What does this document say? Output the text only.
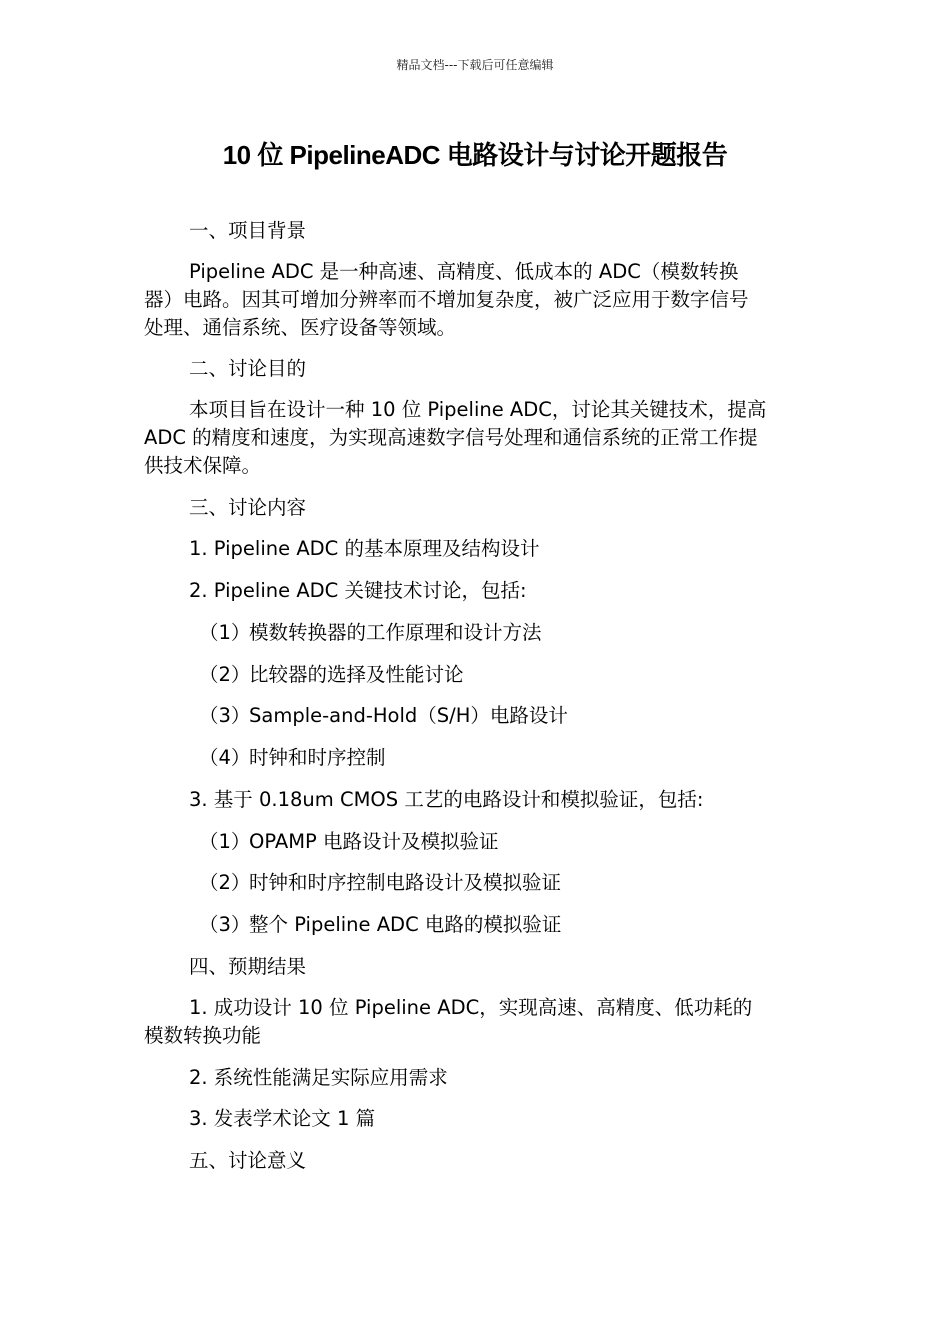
精品文档---下载后可任意编辑
10 位 PipelineADC 电路设计与讨论开题报告
一、项目背景
Pipeline ADC 是一种高速、高精度、低成本的 ADC（模数转换
器）电路。因其可增加分辨率而不增加复杂度，被广泛应用于数字信号
处理、通信系统、医疗设备等领域。
二、讨论目的
本项目旨在设计一种 10 位 Pipeline ADC，讨论其关键技术，提高
ADC 的精度和速度，为实现高速数字信号处理和通信系统的正常工作提
供技术保障。
三、讨论内容
1. Pipeline ADC 的基本原理及结构设计
2. Pipeline ADC 关键技术讨论，包括:
（1）模数转换器的工作原理和设计方法
（2）比较器的选择及性能讨论
（3）Sample-and-Hold（S/H）电路设计
（4）时钟和时序控制
3. 基于 0.18um CMOS 工艺的电路设计和模拟验证，包括:
（1）OPAMP 电路设计及模拟验证
（2）时钟和时序控制电路设计及模拟验证
（3）整个 Pipeline ADC 电路的模拟验证
四、预期结果
1. 成功设计 10 位 Pipeline ADC，实现高速、高精度、低功耗的
模数转换功能
2. 系统性能满足实际应用需求
3. 发表学术论文 1 篇
五、讨论意义
